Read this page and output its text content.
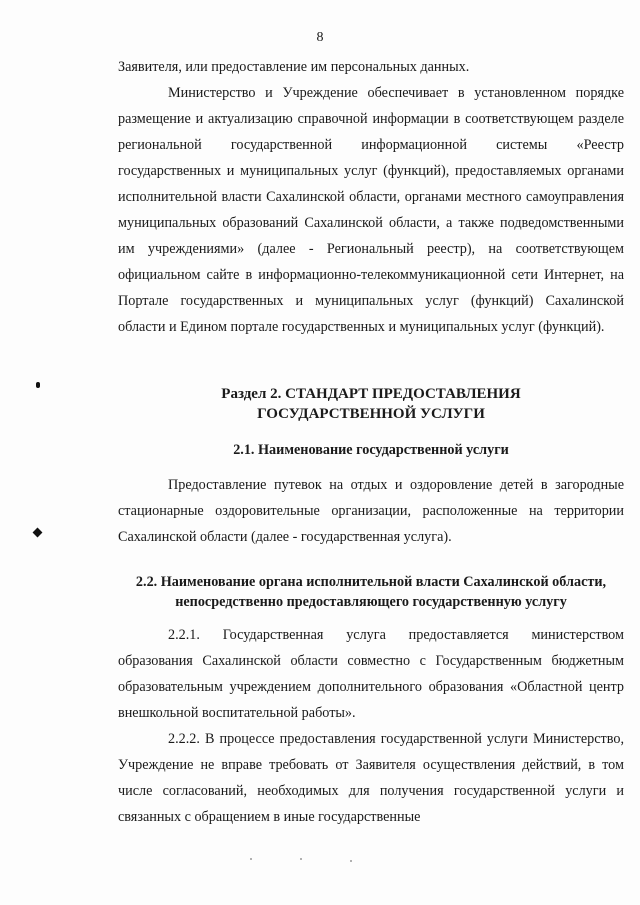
8

Заявителя, или предоставление им персональных данных.

Министерство и Учреждение обеспечивает в установленном порядке размещение и актуализацию справочной информации в соответствующем разделе региональной государственной информационной системы «Реестр государственных и муниципальных услуг (функций), предоставляемых органами исполнительной власти Сахалинской области, органами местного самоуправления муниципальных образований Сахалинской области, а также подведомственными им учреждениями» (далее - Региональный реестр), на соответствующем официальном сайте в информационно-телекоммуникационной сети Интернет, на Портале государственных и муниципальных услуг (функций) Сахалинской области и Едином портале государственных и муниципальных услуг (функций).

Раздел 2. СТАНДАРТ ПРЕДОСТАВЛЕНИЯ
ГОСУДАРСТВЕННОЙ УСЛУГИ
2.1. Наименование государственной услуги

Предоставление путевок на отдых и оздоровление детей в загородные стационарные оздоровительные организации, расположенные на территории Сахалинской области (далее - государственная услуга).

2.2. Наименование органа исполнительной власти Сахалинской области,
непосредственно предоставляющего государственную услугу

2.2.1. Государственная услуга предоставляется министерством образования Сахалинской области совместно с Государственным бюджетным образовательным учреждением дополнительного образования «Областной центр внешкольной воспитательной работы».

2.2.2. В процессе предоставления государственной услуги Министерство, Учреждение не вправе требовать от Заявителя осуществления действий, в том числе согласований, необходимых для получения государственной услуги и связанных с обращением в иные государственные
